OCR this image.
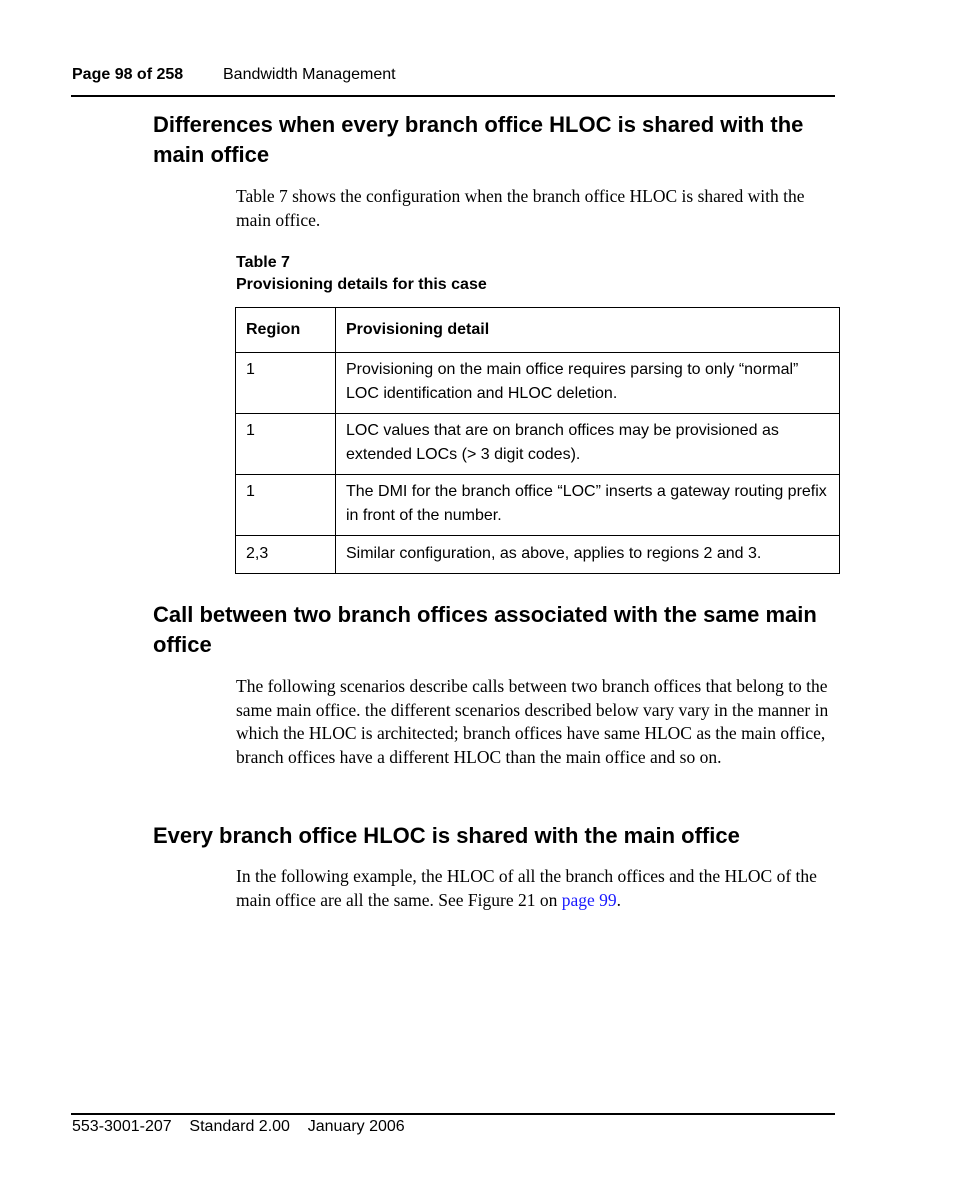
Page 98 of 258 Bandwidth Management
Differences when every branch office HLOC is shared with the main office

Table 7 shows the configuration when the branch office HLOC is shared with the main office.

Table 7
Provisioning details for this case
Region	Provisioning detail
1	Provisioning on the main office requires parsing to only “normal” LOC identification and HLOC deletion.
1	LOC values that are on branch offices may be provisioned as extended LOCs (> 3 digit codes).
1	The DMI for the branch office “LOC” inserts a gateway routing prefix in front of the number.
2,3	Similar configuration, as above, applies to regions 2 and 3.
Call between two branch offices associated with the same main office

The following scenarios describe calls between two branch offices that belong to the same main office. the different scenarios described below vary vary in the manner in which the HLOC is architected; branch offices have same HLOC as the main office, branch offices have a different HLOC than the main office and so on.

Every branch office HLOC is shared with the main office

In the following example, the HLOC of all the branch offices and the HLOC of the main office are all the same. See Figure 21 on page 99.

553-3001-207 Standard 2.00 January 2006
